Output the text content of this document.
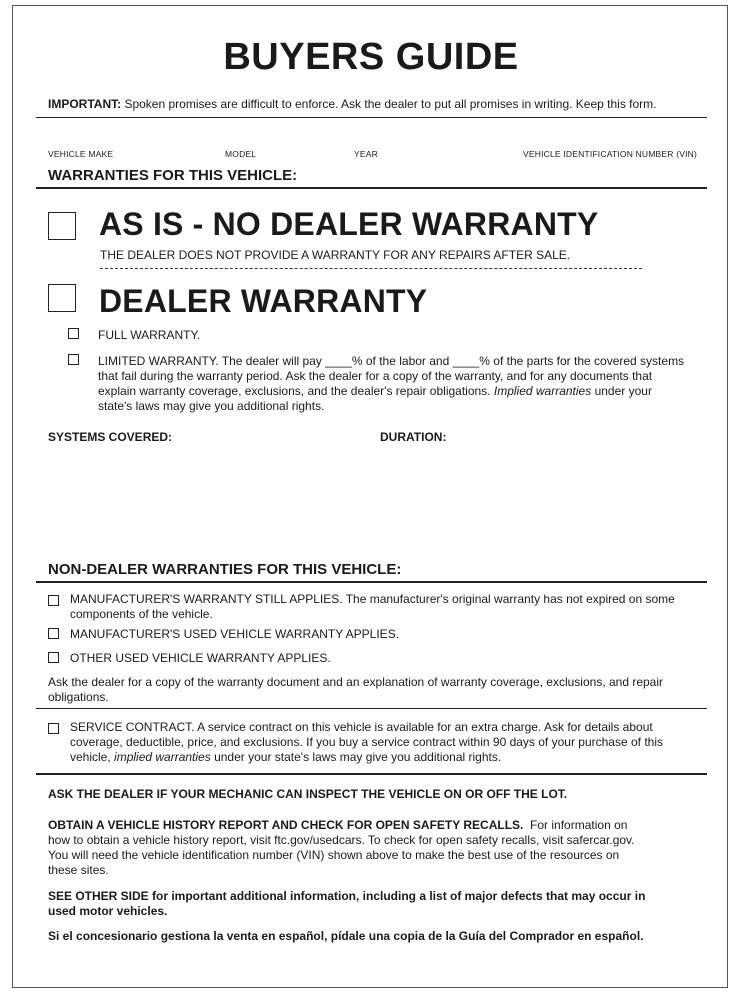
BUYERS GUIDE
IMPORTANT: Spoken promises are difficult to enforce. Ask the dealer to put all promises in writing. Keep this form.
VEHICLE MAKE	MODEL	YEAR	VEHICLE IDENTIFICATION NUMBER (VIN)
WARRANTIES FOR THIS VEHICLE:
AS IS - NO DEALER WARRANTY
THE DEALER DOES NOT PROVIDE A WARRANTY FOR ANY REPAIRS AFTER SALE.
DEALER WARRANTY
FULL WARRANTY.
LIMITED WARRANTY. The dealer will pay ____% of the labor and ____% of the parts for the covered systems
that fail during the warranty period. Ask the dealer for a copy of the warranty, and for any documents that
explain warranty coverage, exclusions, and the dealer's repair obligations. Implied warranties under your
state's laws may give you additional rights.
SYSTEMS COVERED:	DURATION:
NON-DEALER WARRANTIES FOR THIS VEHICLE:
MANUFACTURER'S WARRANTY STILL APPLIES. The manufacturer's original warranty has not expired on some
components of the vehicle.
MANUFACTURER'S USED VEHICLE WARRANTY APPLIES.
OTHER USED VEHICLE WARRANTY APPLIES.
Ask the dealer for a copy of the warranty document and an explanation of warranty coverage, exclusions, and repair
obligations.
SERVICE CONTRACT. A service contract on this vehicle is available for an extra charge. Ask for details about
coverage, deductible, price, and exclusions. If you buy a service contract within 90 days of your purchase of this
vehicle, implied warranties under your state's laws may give you additional rights.
ASK THE DEALER IF YOUR MECHANIC CAN INSPECT THE VEHICLE ON OR OFF THE LOT.
OBTAIN A VEHICLE HISTORY REPORT AND CHECK FOR OPEN SAFETY RECALLS. For information on
how to obtain a vehicle history report, visit ftc.gov/usedcars. To check for open safety recalls, visit safercar.gov.
You will need the vehicle identification number (VIN) shown above to make the best use of the resources on
these sites.
SEE OTHER SIDE for important additional information, including a list of major defects that may occur in
used motor vehicles.
Si el concesionario gestiona la venta en español, pídale una copia de la Guía del Comprador en español.
